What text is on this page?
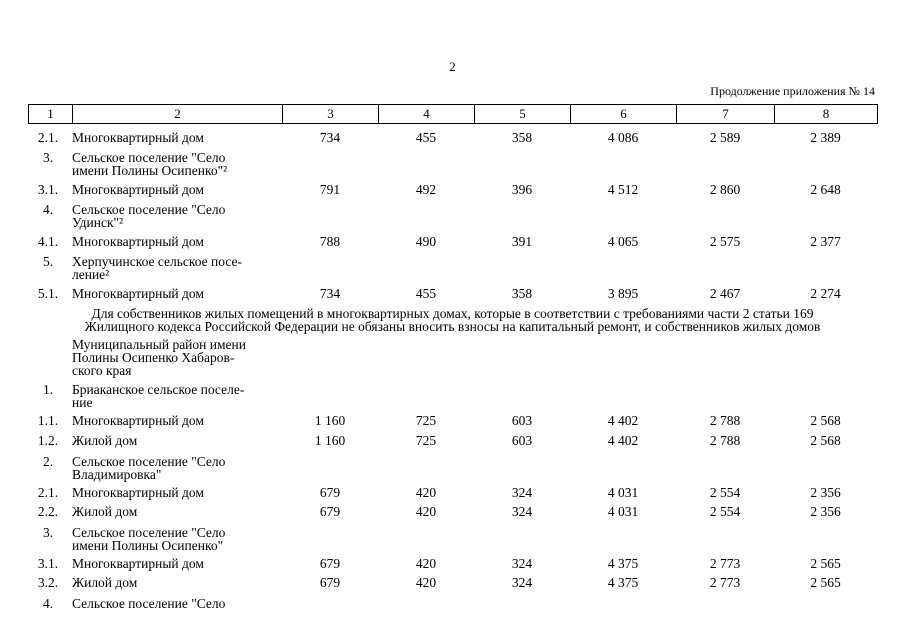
2
Продолжение приложения № 14
1	2	3	4	5	6	7	8
2.1.	Многоквартирный дом	734	455	358	4 086	2 589	2 389
3.	Сельское поселение "Село
имени Полины Осипенко"²
3.1.	Многоквартирный дом	791	492	396	4 512	2 860	2 648
4.	Сельское поселение "Село
Удинск"²
4.1.	Многоквартирный дом	788	490	391	4 065	2 575	2 377
5.	Херпучинское сельское посе-
ление²
5.1.	Многоквартирный дом	734	455	358	3 895	2 467	2 274
Для собственников жилых помещений в многоквартирных домах, которые в соответствии с требованиями части 2 статьи 169
Жилищного кодекса Российской Федерации не обязаны вносить взносы на капитальный ремонт, и собственников жилых домов
Муниципальный район имени
Полины Осипенко Хабаров-
ского края
1.	Бриаканское сельское поселе-
ние
1.1.	Многоквартирный дом	1 160	725	603	4 402	2 788	2 568
1.2.	Жилой дом	1 160	725	603	4 402	2 788	2 568
2.	Сельское поселение "Село
Владимировка"
2.1.	Многоквартирный дом	679	420	324	4 031	2 554	2 356
2.2.	Жилой дом	679	420	324	4 031	2 554	2 356
3.	Сельское поселение "Село
имени Полины Осипенко"
3.1.	Многоквартирный дом	679	420	324	4 375	2 773	2 565
3.2.	Жилой дом	679	420	324	4 375	2 773	2 565
4.	Сельское поселение "Село
